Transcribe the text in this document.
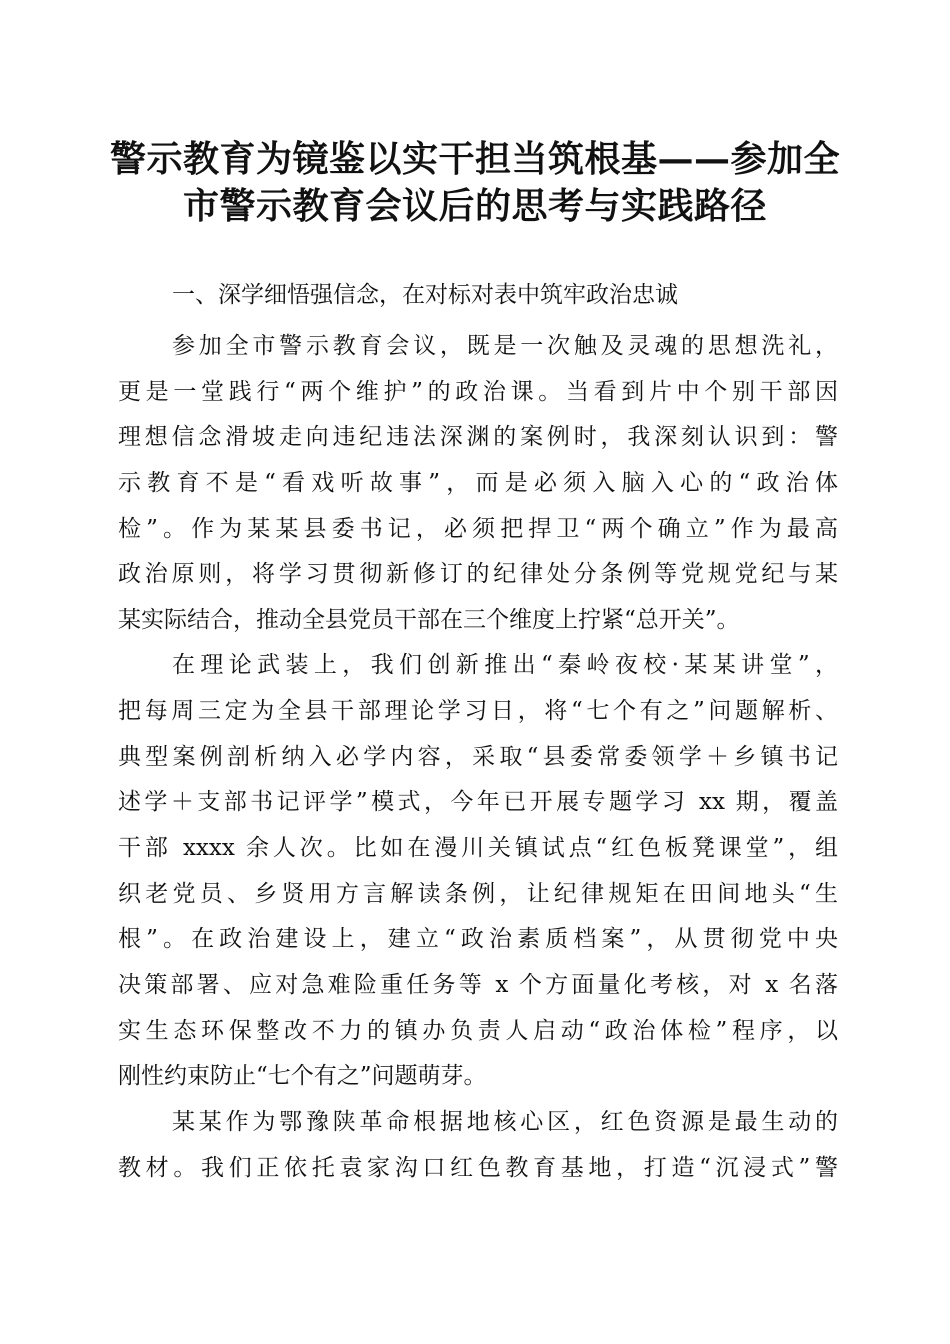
警示教育为镜鉴以实干担当筑根基——参加全
市警示教育会议后的思考与实践路径
一、深学细悟强信念，在对标对表中筑牢政治忠诚
参加全市警示教育会议，既是一次触及灵魂的思想洗礼，
更是一堂践行“两个维护”的政治课。当看到片中个别干部因
理想信念滑坡走向违纪违法深渊的案例时，我深刻认识到：警
示教育不是“看戏听故事”，而是必须入脑入心的“政治体
检”。作为某某县委书记，必须把捍卫“两个确立”作为最高
政治原则，将学习贯彻新修订的纪律处分条例等党规党纪与某
某实际结合，推动全县党员干部在三个维度上拧紧“总开关”。
在理论武装上，我们创新推出“秦岭夜校·某某讲堂”，
把每周三定为全县干部理论学习日，将“七个有之”问题解析、
典型案例剖析纳入必学内容，采取“县委常委领学＋乡镇书记
述学＋支部书记评学”模式，今年已开展专题学习 xx 期，覆盖
干部 xxxx 余人次。比如在漫川关镇试点“红色板凳课堂”，组
织老党员、乡贤用方言解读条例，让纪律规矩在田间地头“生
根”。在政治建设上，建立“政治素质档案”，从贯彻党中央
决策部署、应对急难险重任务等 x 个方面量化考核，对 x 名落
实生态环保整改不力的镇办负责人启动“政治体检”程序，以
刚性约束防止“七个有之”问题萌芽。
某某作为鄂豫陕革命根据地核心区，红色资源是最生动的
教材。我们正依托袁家沟口红色教育基地，打造“沉浸式”警
